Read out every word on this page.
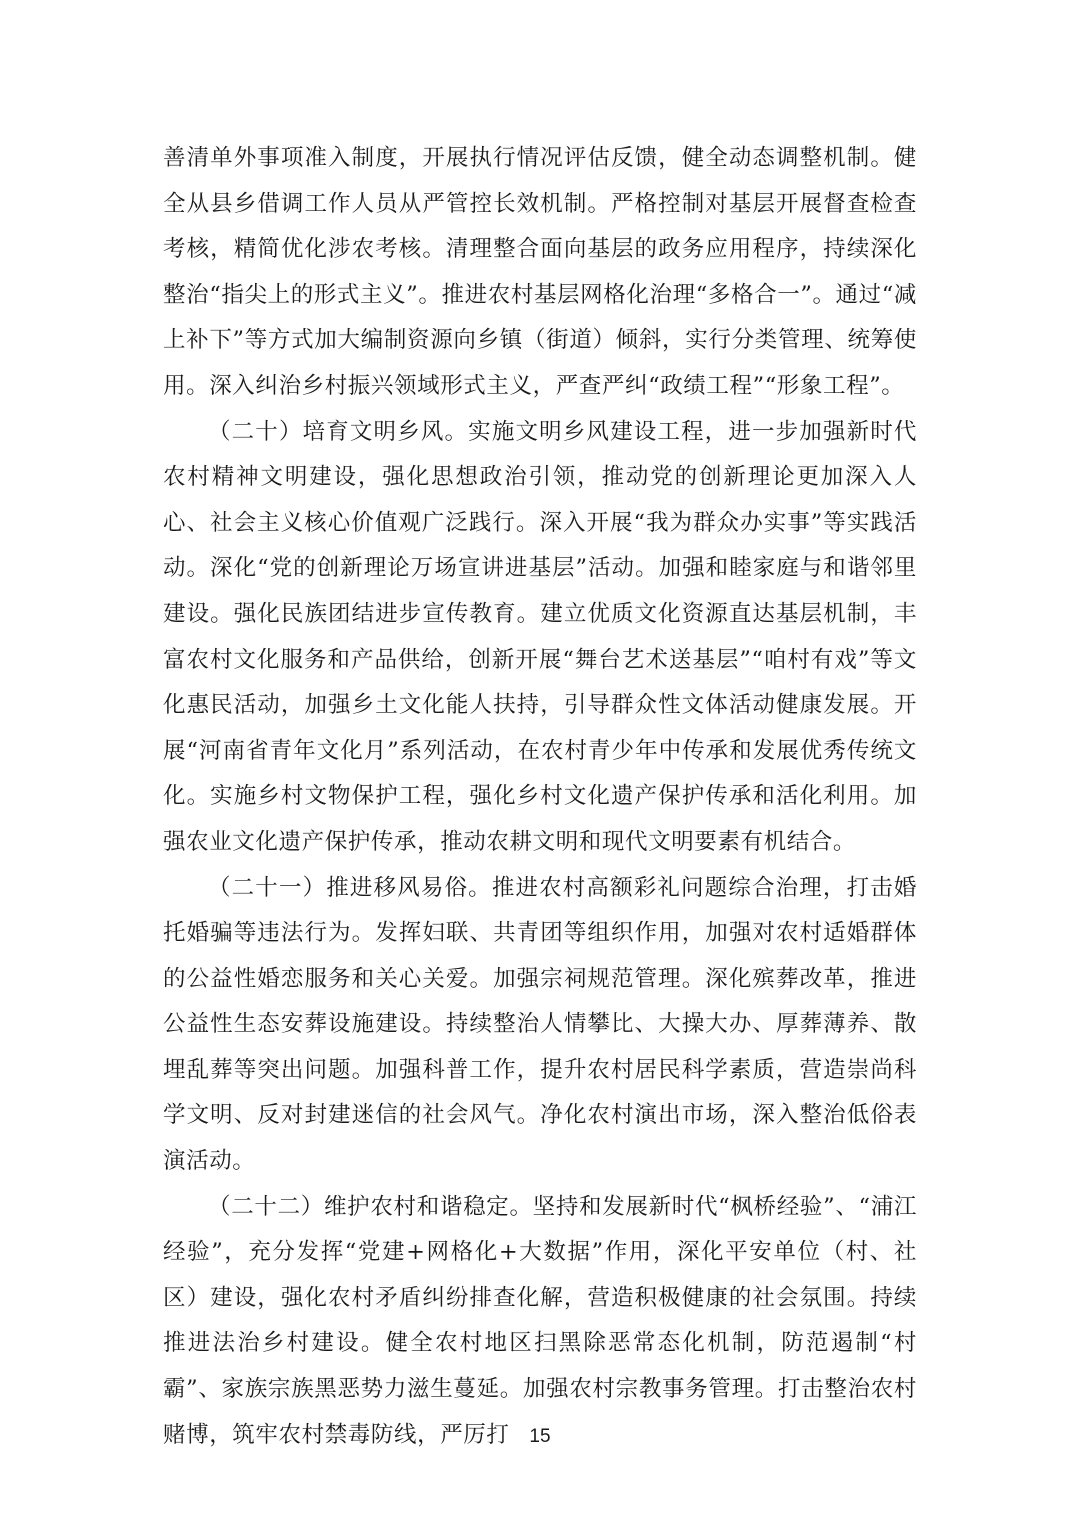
善清单外事项准入制度，开展执行情况评估反馈，健全动态调整机制。健全从县乡借调工作人员从严管控长效机制。严格控制对基层开展督查检查考核，精简优化涉农考核。清理整合面向基层的政务应用程序，持续深化整治“指尖上的形式主义”。推进农村基层网格化治理“多格合一”。通过“减上补下”等方式加大编制资源向乡镇（街道）倾斜，实行分类管理、统筹使用。深入纠治乡村振兴领域形式主义，严查严纠“政绩工程”“形象工程”。

（二十）培育文明乡风。实施文明乡风建设工程，进一步加强新时代农村精神文明建设，强化思想政治引领，推动党的创新理论更加深入人心、社会主义核心价值观广泛践行。深入开展“我为群众办实事”等实践活动。深化“党的创新理论万场宣讲进基层”活动。加强和睦家庭与和谐邻里建设。强化民族团结进步宣传教育。建立优质文化资源直达基层机制，丰富农村文化服务和产品供给，创新开展“舞台艺术送基层”“咱村有戏”等文化惠民活动，加强乡土文化能人扶持，引导群众性文体活动健康发展。开展“河南省青年文化月”系列活动，在农村青少年中传承和发展优秀传统文化。实施乡村文物保护工程，强化乡村文化遗产保护传承和活化利用。加强农业文化遗产保护传承，推动农耕文明和现代文明要素有机结合。

（二十一）推进移风易俗。推进农村高额彩礼问题综合治理，打击婚托婚骗等违法行为。发挥妇联、共青团等组织作用，加强对农村适婚群体的公益性婚恋服务和关心关爱。加强宗祠规范管理。深化殡葬改革，推进公益性生态安葬设施建设。持续整治人情攀比、大操大办、厚葬薄养、散埋乱葬等突出问题。加强科普工作，提升农村居民科学素质，营造崇尚科学文明、反对封建迷信的社会风气。净化农村演出市场，深入整治低俗表演活动。

（二十二）维护农村和谐稳定。坚持和发展新时代“枫桥经验”、“浦江经验”，充分发挥“党建+网格化+大数据”作用，深化平安单位（村、社区）建设，强化农村矛盾纠纷排查化解，营造积极健康的社会氛围。持续推进法治乡村建设。健全农村地区扫黑除恶常态化机制，防范遏制“村霸”、家族宗族黑恶势力滋生蔓延。加强农村宗教事务管理。打击整治农村赌博，筑牢农村禁毒防线，严厉打	15
